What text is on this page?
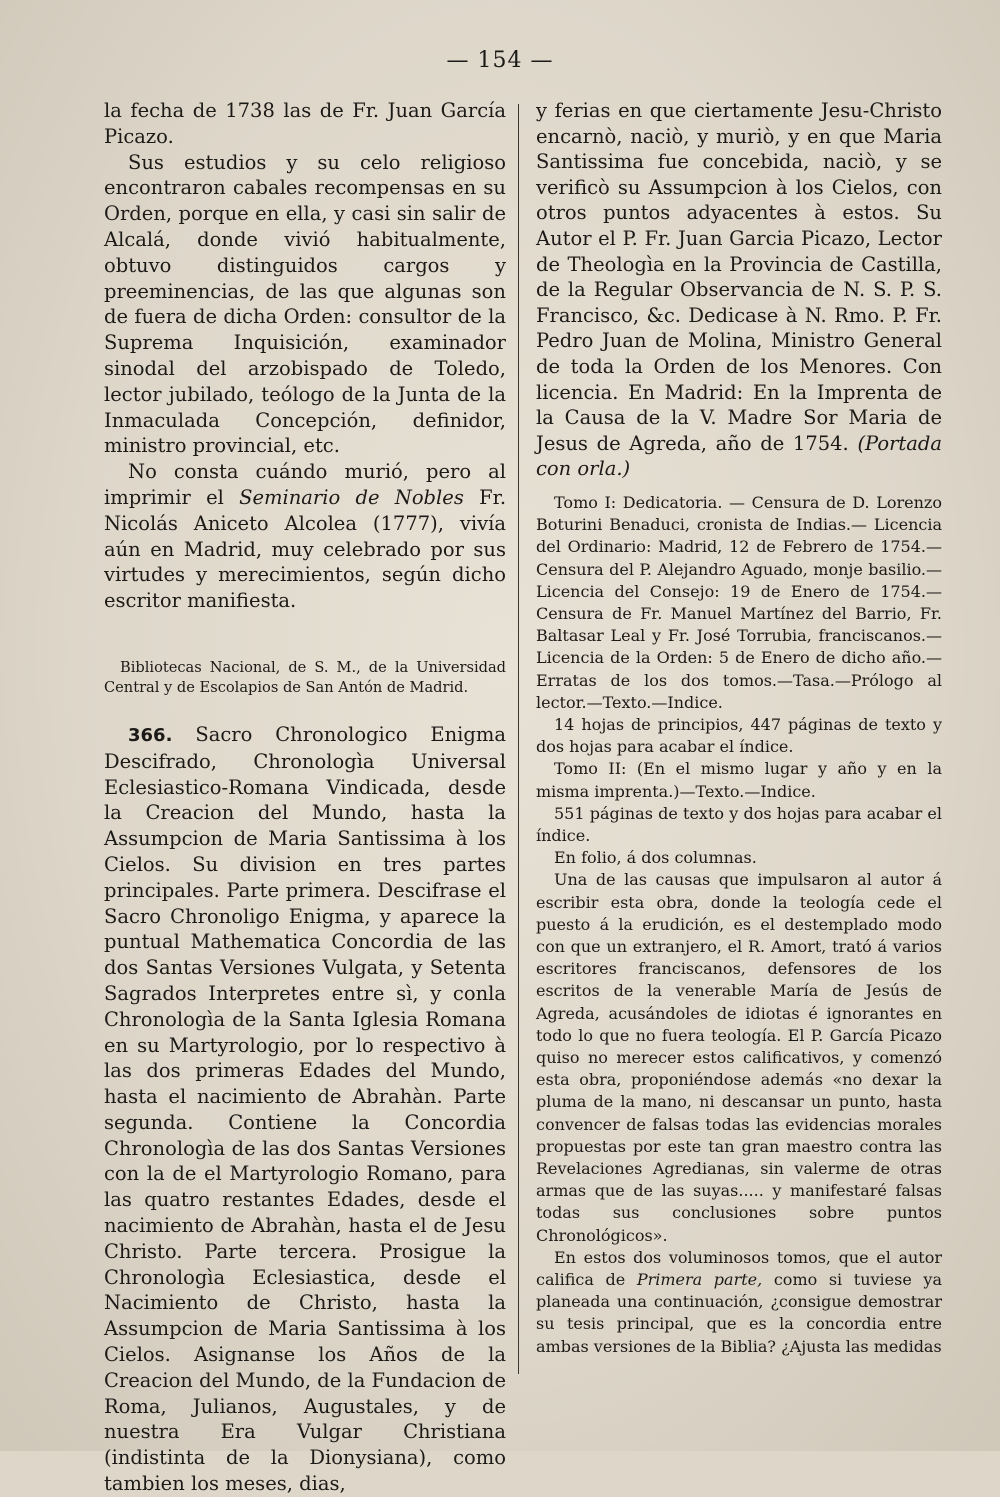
— 154 —

la fecha de 1738 las de Fr. Juan García Picazo.

Sus estudios y su celo religioso encontraron cabales recompensas en su Orden, porque en ella, y casi sin salir de Alcalá, donde vivió habitualmente, obtuvo distinguidos cargos y preeminencias, de las que algunas son de fuera de dicha Orden: consultor de la Suprema Inquisición, examinador sinodal del arzobispado de Toledo, lector jubilado, teólogo de la Junta de la Inmaculada Concepción, definidor, ministro provincial, etc.

No consta cuándo murió, pero al imprimir el Seminario de Nobles Fr. Nicolás Aniceto Alcolea (1777), vivía aún en Madrid, muy celebrado por sus virtudes y merecimientos, según dicho escritor manifiesta.

Bibliotecas Nacional, de S. M., de la Universidad Central y de Escolapios de San Antón de Madrid.

366. Sacro Chronologico Enigma Descifrado, Chronologìa Universal Eclesiastico-Romana Vindicada, desde la Creacion del Mundo, hasta la Assumpcion de Maria Santissima à los Cielos. Su division en tres partes principales. Parte primera. Descifrase el Sacro Chronoligo Enigma, y aparece la puntual Mathematica Concordia de las dos Santas Versiones Vulgata, y Setenta Sagrados Interpretes entre sì, y conla Chronologìa de la Santa Iglesia Romana en su Martyrologio, por lo respectivo à las dos primeras Edades del Mundo, hasta el nacimiento de Abrahàn. Parte segunda. Contiene la Concordia Chronologìa de las dos Santas Versiones con la de el Martyrologio Romano, para las quatro restantes Edades, desde el nacimiento de Abrahàn, hasta el de Jesu Christo. Parte tercera. Prosigue la Chronologìa Eclesiastica, desde el Nacimiento de Christo, hasta la Assumpcion de Maria Santissima à los Cielos. Asignanse los Años de la Creacion del Mundo, de la Fundacion de Roma, Julianos, Augustales, y de nuestra Era Vulgar Christiana (indistinta de la Dionysiana), como tambien los meses, dias,

y ferias en que ciertamente Jesu-Christo encarnò, naciò, y muriò, y en que Maria Santissima fue concebida, naciò, y se verificò su Assumpcion à los Cielos, con otros puntos adyacentes à estos. Su Autor el P. Fr. Juan Garcia Picazo, Lector de Theologìa en la Provincia de Castilla, de la Regular Observancia de N. S. P. S. Francisco, &c. Dedicase à N. Rmo. P. Fr. Pedro Juan de Molina, Ministro General de toda la Orden de los Menores. Con licencia. En Madrid: En la Imprenta de la Causa de la V. Madre Sor Maria de Jesus de Agreda, año de 1754. (Portada con orla.)

Tomo I: Dedicatoria. — Censura de D. Lorenzo Boturini Benaduci, cronista de Indias.— Licencia del Ordinario: Madrid, 12 de Febrero de 1754.—Censura del P. Alejandro Aguado, monje basilio.—Licencia del Consejo: 19 de Enero de 1754.—Censura de Fr. Manuel Martínez del Barrio, Fr. Baltasar Leal y Fr. José Torrubia, franciscanos.—Licencia de la Orden: 5 de Enero de dicho año.—Erratas de los dos tomos.—Tasa.—Prólogo al lector.—Texto.—Indice.

14 hojas de principios, 447 páginas de texto y dos hojas para acabar el índice.

Tomo II: (En el mismo lugar y año y en la misma imprenta.)—Texto.—Indice.

551 páginas de texto y dos hojas para acabar el índice.

En folio, á dos columnas.

Una de las causas que impulsaron al autor á escribir esta obra, donde la teología cede el puesto á la erudición, es el destemplado modo con que un extranjero, el R. Amort, trató á varios escritores franciscanos, defensores de los escritos de la venerable María de Jesús de Agreda, acusándoles de idiotas é ignorantes en todo lo que no fuera teología. El P. García Picazo quiso no merecer estos calificativos, y comenzó esta obra, proponiéndose además «no dexar la pluma de la mano, ni descansar un punto, hasta convencer de falsas todas las evidencias morales propuestas por este tan gran maestro contra las Revelaciones Agredianas, sin valerme de otras armas que de las suyas..... y manifestaré falsas todas sus conclusiones sobre puntos Chronológicos».

En estos dos voluminosos tomos, que el autor califica de Primera parte, como si tuviese ya planeada una continuación, ¿consigue demostrar su tesis principal, que es la concordia entre ambas versiones de la Biblia? ¿Ajusta las medidas
